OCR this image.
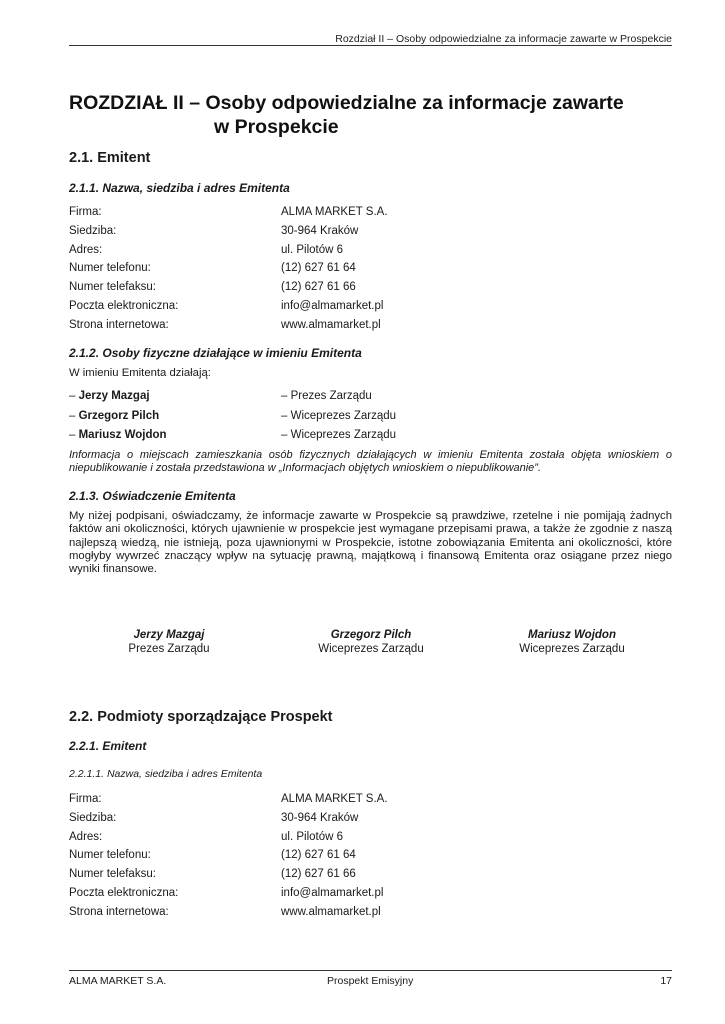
Rozdział II – Osoby odpowiedzialne za informacje zawarte w Prospekcie
ROZDZIAŁ II – Osoby odpowiedzialne za informacje zawarte
w Prospekcie
2.1. Emitent
2.1.1. Nazwa, siedziba i adres Emitenta
Firma:	ALMA MARKET S.A.
Siedziba:	30-964 Kraków
Adres:	ul. Pilotów 6
Numer telefonu:	(12) 627 61 64
Numer telefaksu:	(12) 627 61 66
Poczta elektroniczna:	info@almamarket.pl
Strona internetowa:	www.almamarket.pl
2.1.2. Osoby fizyczne działające w imieniu Emitenta
W imieniu Emitenta działają:
– Jerzy Mazgaj	– Prezes Zarządu
– Grzegorz Pilch	– Wiceprezes Zarządu
– Mariusz Wojdon	– Wiceprezes Zarządu
Informacja o miejscach zamieszkania osób fizycznych działających w imieniu Emitenta została objęta wnioskiem o niepublikowanie i została przedstawiona w „Informacjach objętych wnioskiem o niepublikowanie”.
2.1.3. Oświadczenie Emitenta
My niżej podpisani, oświadczamy, że informacje zawarte w Prospekcie są prawdziwe, rzetelne i nie pomijają żadnych faktów ani okoliczności, których ujawnienie w prospekcie jest wymagane przepisami prawa, a także że zgodnie z naszą najlepszą wiedzą, nie istnieją, poza ujawnionymi w Prospekcie, istotne zobowiązania Emitenta ani okoliczności, które mogłyby wywrzeć znaczący wpływ na sytuację prawną, majątkową i finansową Emitenta oraz osiągane przez niego wyniki finansowe.
Jerzy Mazgaj
Prezes Zarządu
Grzegorz Pilch
Wiceprezes Zarządu
Mariusz Wojdon
Wiceprezes Zarządu
2.2. Podmioty sporządzające Prospekt
2.2.1. Emitent
2.2.1.1. Nazwa, siedziba i adres Emitenta
Firma:	ALMA MARKET S.A.
Siedziba:	30-964 Kraków
Adres:	ul. Pilotów 6
Numer telefonu:	(12) 627 61 64
Numer telefaksu:	(12) 627 61 66
Poczta elektroniczna:	info@almamarket.pl
Strona internetowa:	www.almamarket.pl
ALMA MARKET S.A.	Prospekt Emisyjny	17
